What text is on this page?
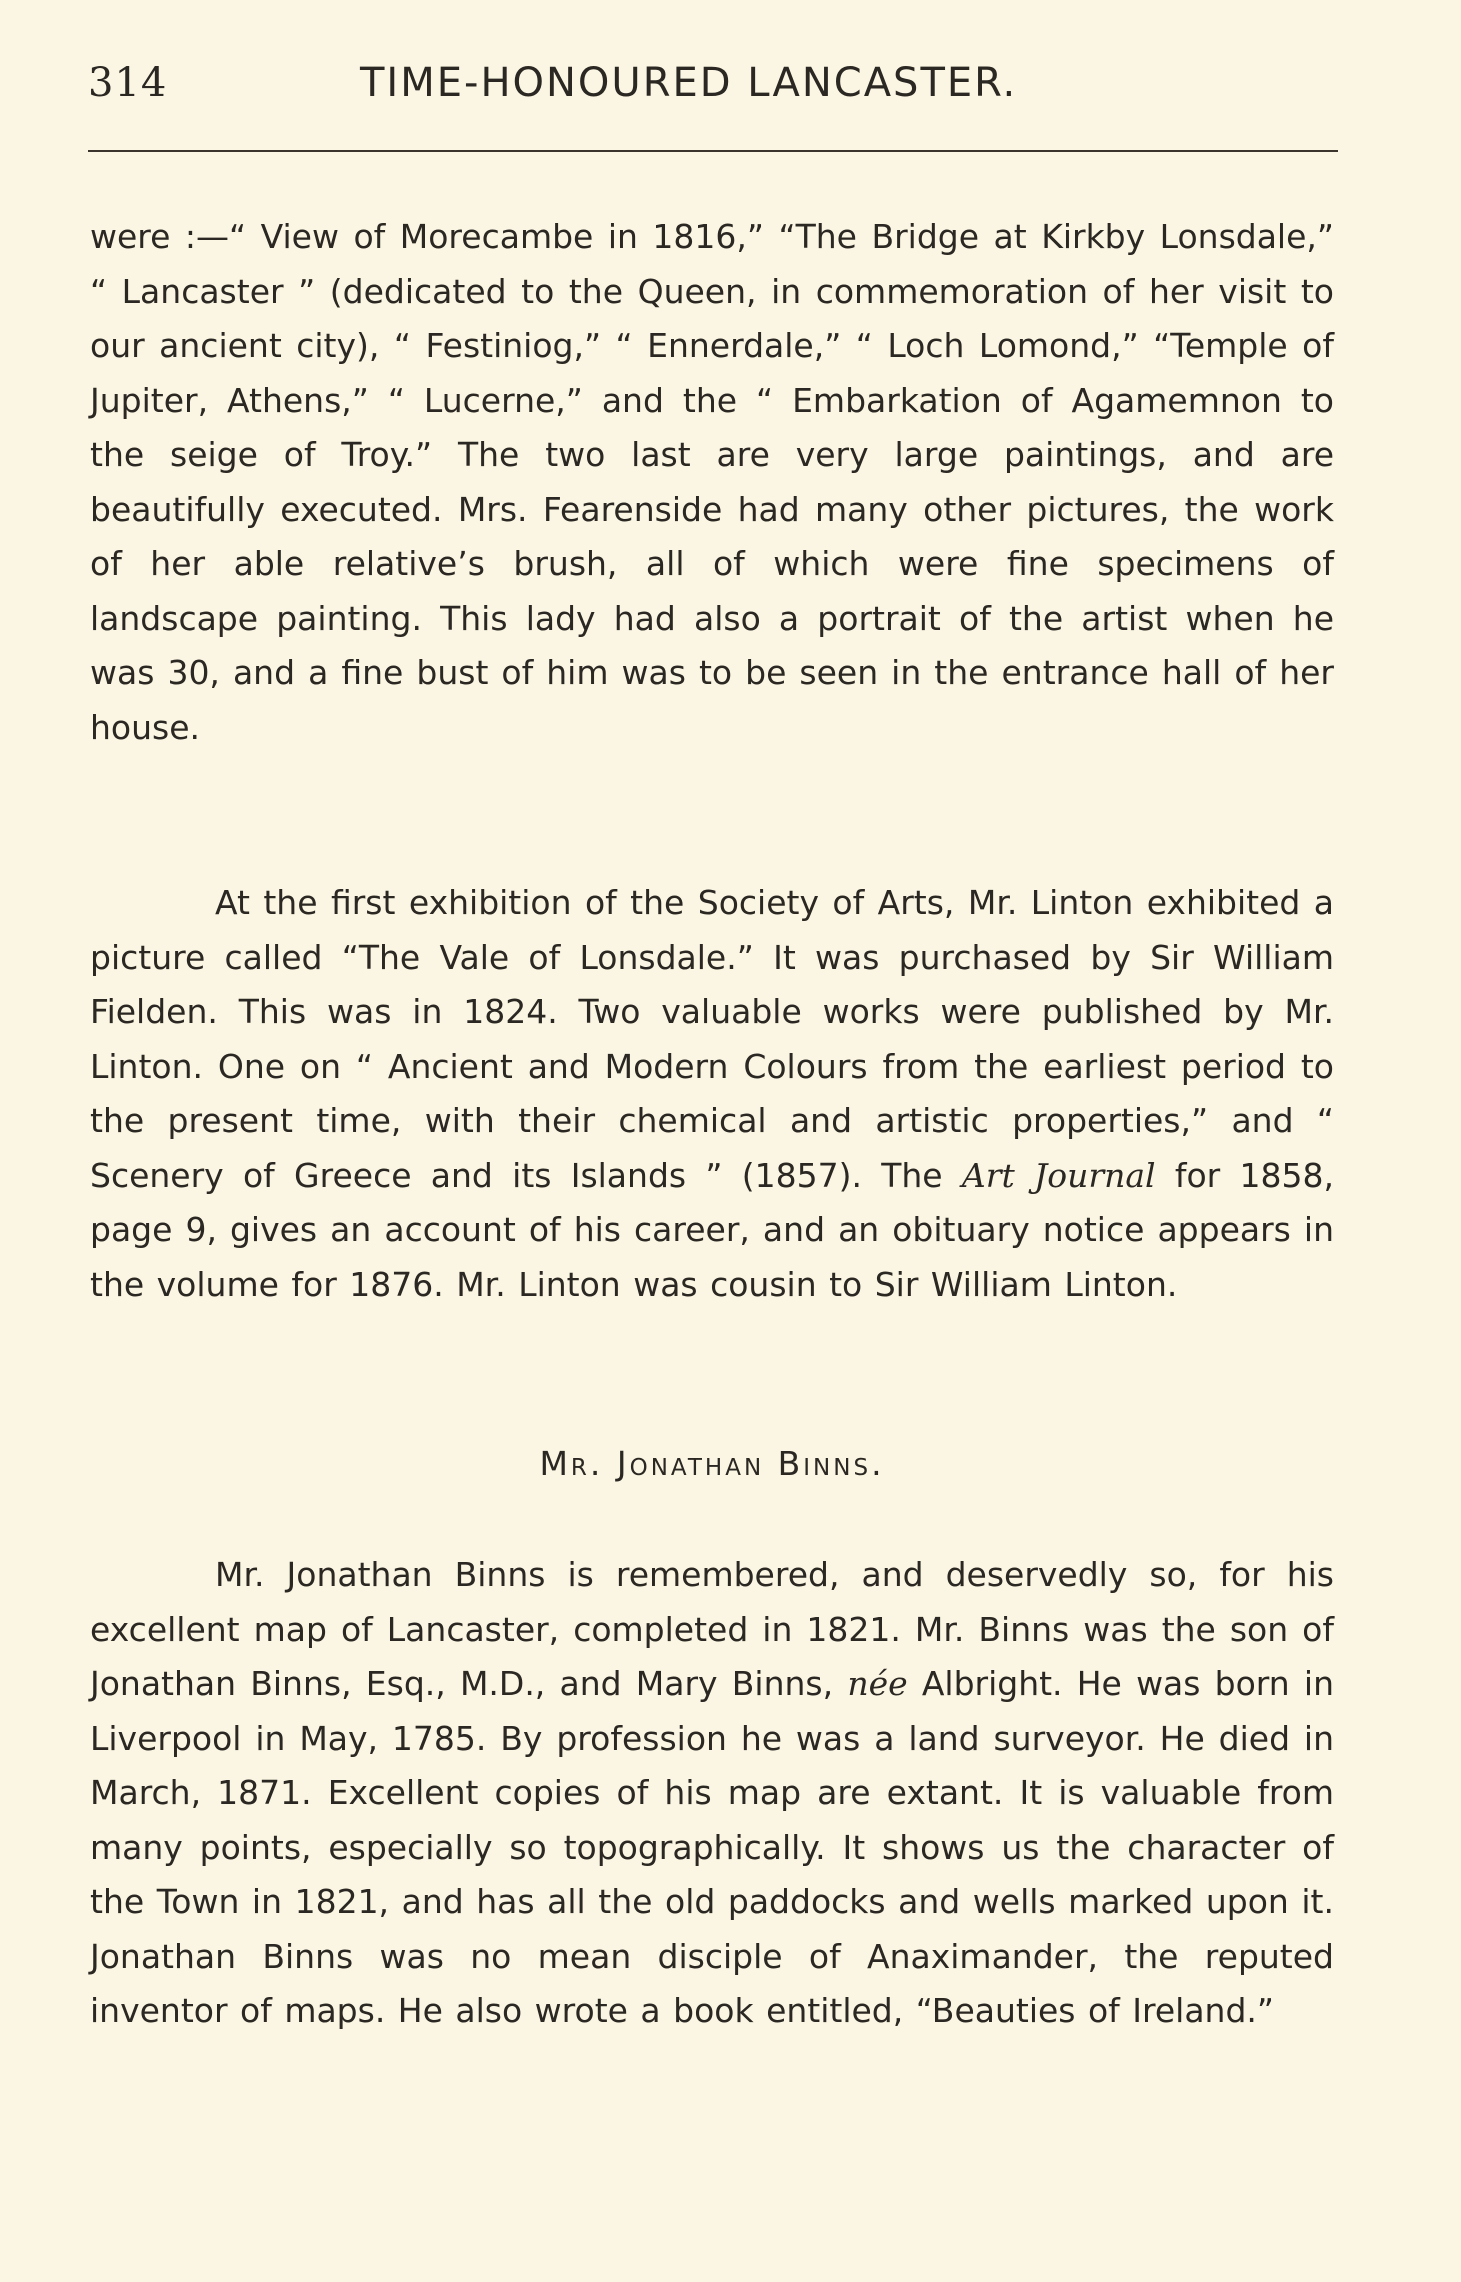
314	TIME-HONOURED LANCASTER.

were :—“ View of Morecambe in 1816,” “The Bridge at Kirkby Lonsdale,” “ Lancaster ” (dedicated to the Queen, in commemoration of her visit to our ancient city), “ Festiniog,” “ Ennerdale,” “ Loch Lomond,” “Temple of Jupiter, Athens,” “ Lucerne,” and the “ Embarkation of Agamemnon to the seige of Troy.” The two last are very large paintings, and are beautifully executed. Mrs. Fearenside had many other pictures, the work of her able relative’s brush, all of which were fine specimens of landscape painting. This lady had also a portrait of the artist when he was 30, and a fine bust of him was to be seen in the entrance hall of her house.

At the first exhibition of the Society of Arts, Mr. Linton exhibited a picture called “The Vale of Lonsdale.” It was purchased by Sir William Fielden. This was in 1824. Two valuable works were published by Mr. Linton. One on “ Ancient and Modern Colours from the earliest period to the present time, with their chemical and artistic properties,” and “ Scenery of Greece and its Islands ” (1857). The Art Journal for 1858, page 9, gives an account of his career, and an obituary notice appears in the volume for 1876. Mr. Linton was cousin to Sir William Linton.

Mr. Jonathan Binns.

Mr. Jonathan Binns is remembered, and deservedly so, for his excellent map of Lancaster, completed in 1821. Mr. Binns was the son of Jonathan Binns, Esq., M.D., and Mary Binns, née Albright. He was born in Liverpool in May, 1785. By profession he was a land surveyor. He died in March, 1871. Excellent copies of his map are extant. It is valuable from many points, especially so topographically. It shows us the character of the Town in 1821, and has all the old paddocks and wells marked upon it. Jonathan Binns was no mean disciple of Anaximander, the reputed inventor of maps. He also wrote a book entitled, “Beauties of Ireland.”
